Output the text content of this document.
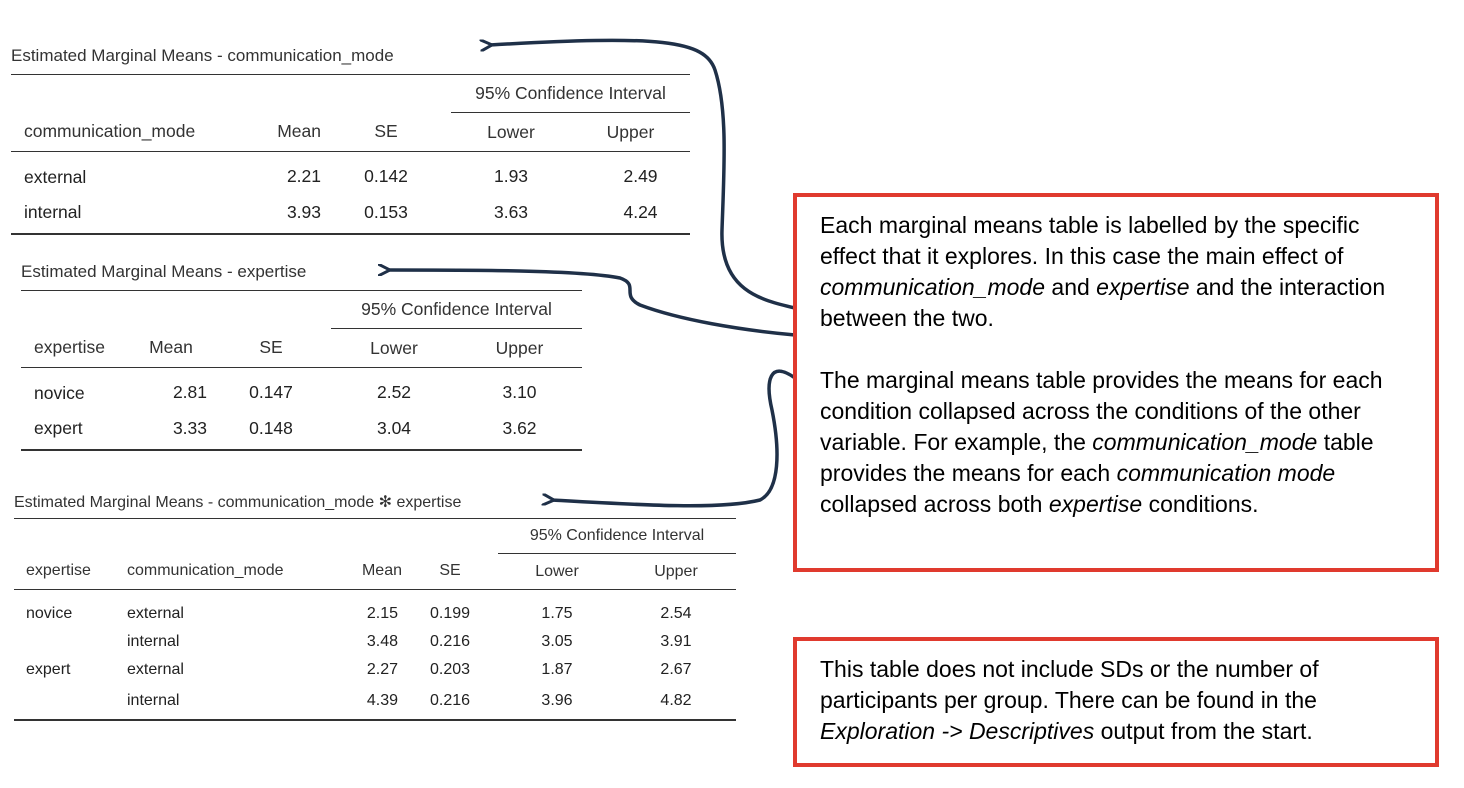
Estimated Marginal Means - communication_mode
			95% Confidence Interval	
communication_mode	Mean	SE	Lower	Upper
external	2.21	0.142	1.93	2.49
internal	3.93	0.153	3.63	4.24
Estimated Marginal Means - expertise
			95% Confidence Interval	
expertise	Mean	SE	Lower	Upper
novice	2.81	0.147	2.52	3.10
expert	3.33	0.148	3.04	3.62
Estimated Marginal Means - communication_mode ✻ expertise
				95% Confidence Interval	
expertise	communication_mode	Mean	SE	Lower	Upper
novice	external	2.15	0.199	1.75	2.54
	internal	3.48	0.216	3.05	3.91
expert	external	2.27	0.203	1.87	2.67
	internal	4.39	0.216	3.96	4.82

Each marginal means table is labelled by the specific effect that it explores. In this case the main effect of communication_mode and expertise and the interaction between the two.

The marginal means table provides the means for each condition collapsed across the conditions of the other variable. For example, the communication_mode table provides the means for each communication mode collapsed across both expertise conditions.

This table does not include SDs or the number of participants per group. There can be found in the Exploration -> Descriptives output from the start.
